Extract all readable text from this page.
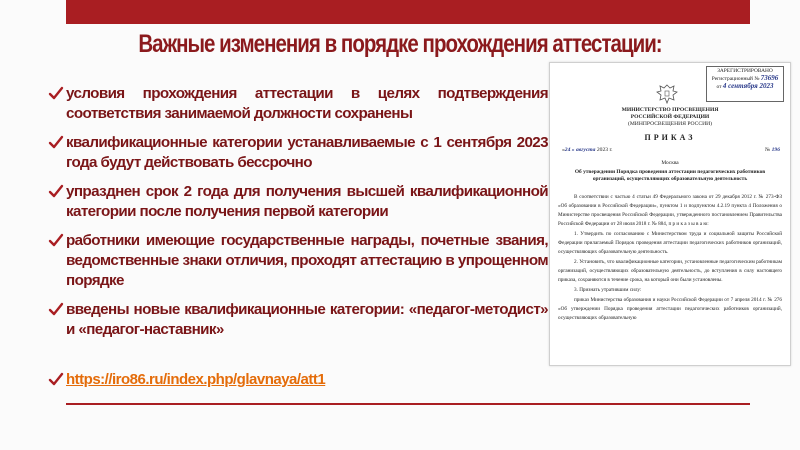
Важные изменения в порядке прохождения аттестации:
условия прохождения аттестации в целях подтверждения соответствия занимаемой должности сохранены
квалификационные категории устанавливаемые с 1 сентября 2023 года будут действовать бессрочно
упразднен срок 2 года для получения высшей квалификационной категории после получения первой категории
работники имеющие государственные награды, почетные звания, ведомственные знаки отличия, проходят аттестацию в упрощенном порядке
введены новые квалификационные категории: «педагог-методист» и «педагог-наставник»
https://iro86.ru/index.php/glavnaya/att1
ЗАРЕГИСТРИРОВАНО
Регистрационный № 73696
от 4 сентября 2023
МИНИСТЕРСТВО ПРОСВЕЩЕНИЯ
РОССИЙСКОЙ ФЕДЕРАЦИИ
(МИНПРОСВЕЩЕНИЯ РОССИИ)
ПРИКАЗ
«24 » августа 2023 г.	№ 196
Москва
Об утверждении Порядка проведения аттестации педагогических работников организаций, осуществляющих образовательную деятельность

В соответствии с частью 4 статьи 49 Федерального закона от 29 декабря 2012 г. № 273-ФЗ «Об образовании в Российской Федерации», пунктом 1 и подпунктом 4.2.19 пункта 4 Положения о Министерстве просвещения Российской Федерации, утвержденного постановлением Правительства Российской Федерации от 28 июля 2018 г. № 884, п р и к а з ы в а ю:

1. Утвердить по согласованию с Министерством труда и социальной защиты Российской Федерации прилагаемый Порядок проведения аттестации педагогических работников организаций, осуществляющих образовательную деятельность.

2. Установить, что квалификационные категории, установленные педагогическим работникам организаций, осуществляющих образовательную деятельность, до вступления в силу настоящего приказа, сохраняются в течение срока, на который они были установлены.

3. Признать утратившим силу:

приказ Министерства образования и науки Российской Федерации от 7 апреля 2014 г. № 276 «Об утверждении Порядка проведения аттестации педагогических работников организаций, осуществляющих образовательную
